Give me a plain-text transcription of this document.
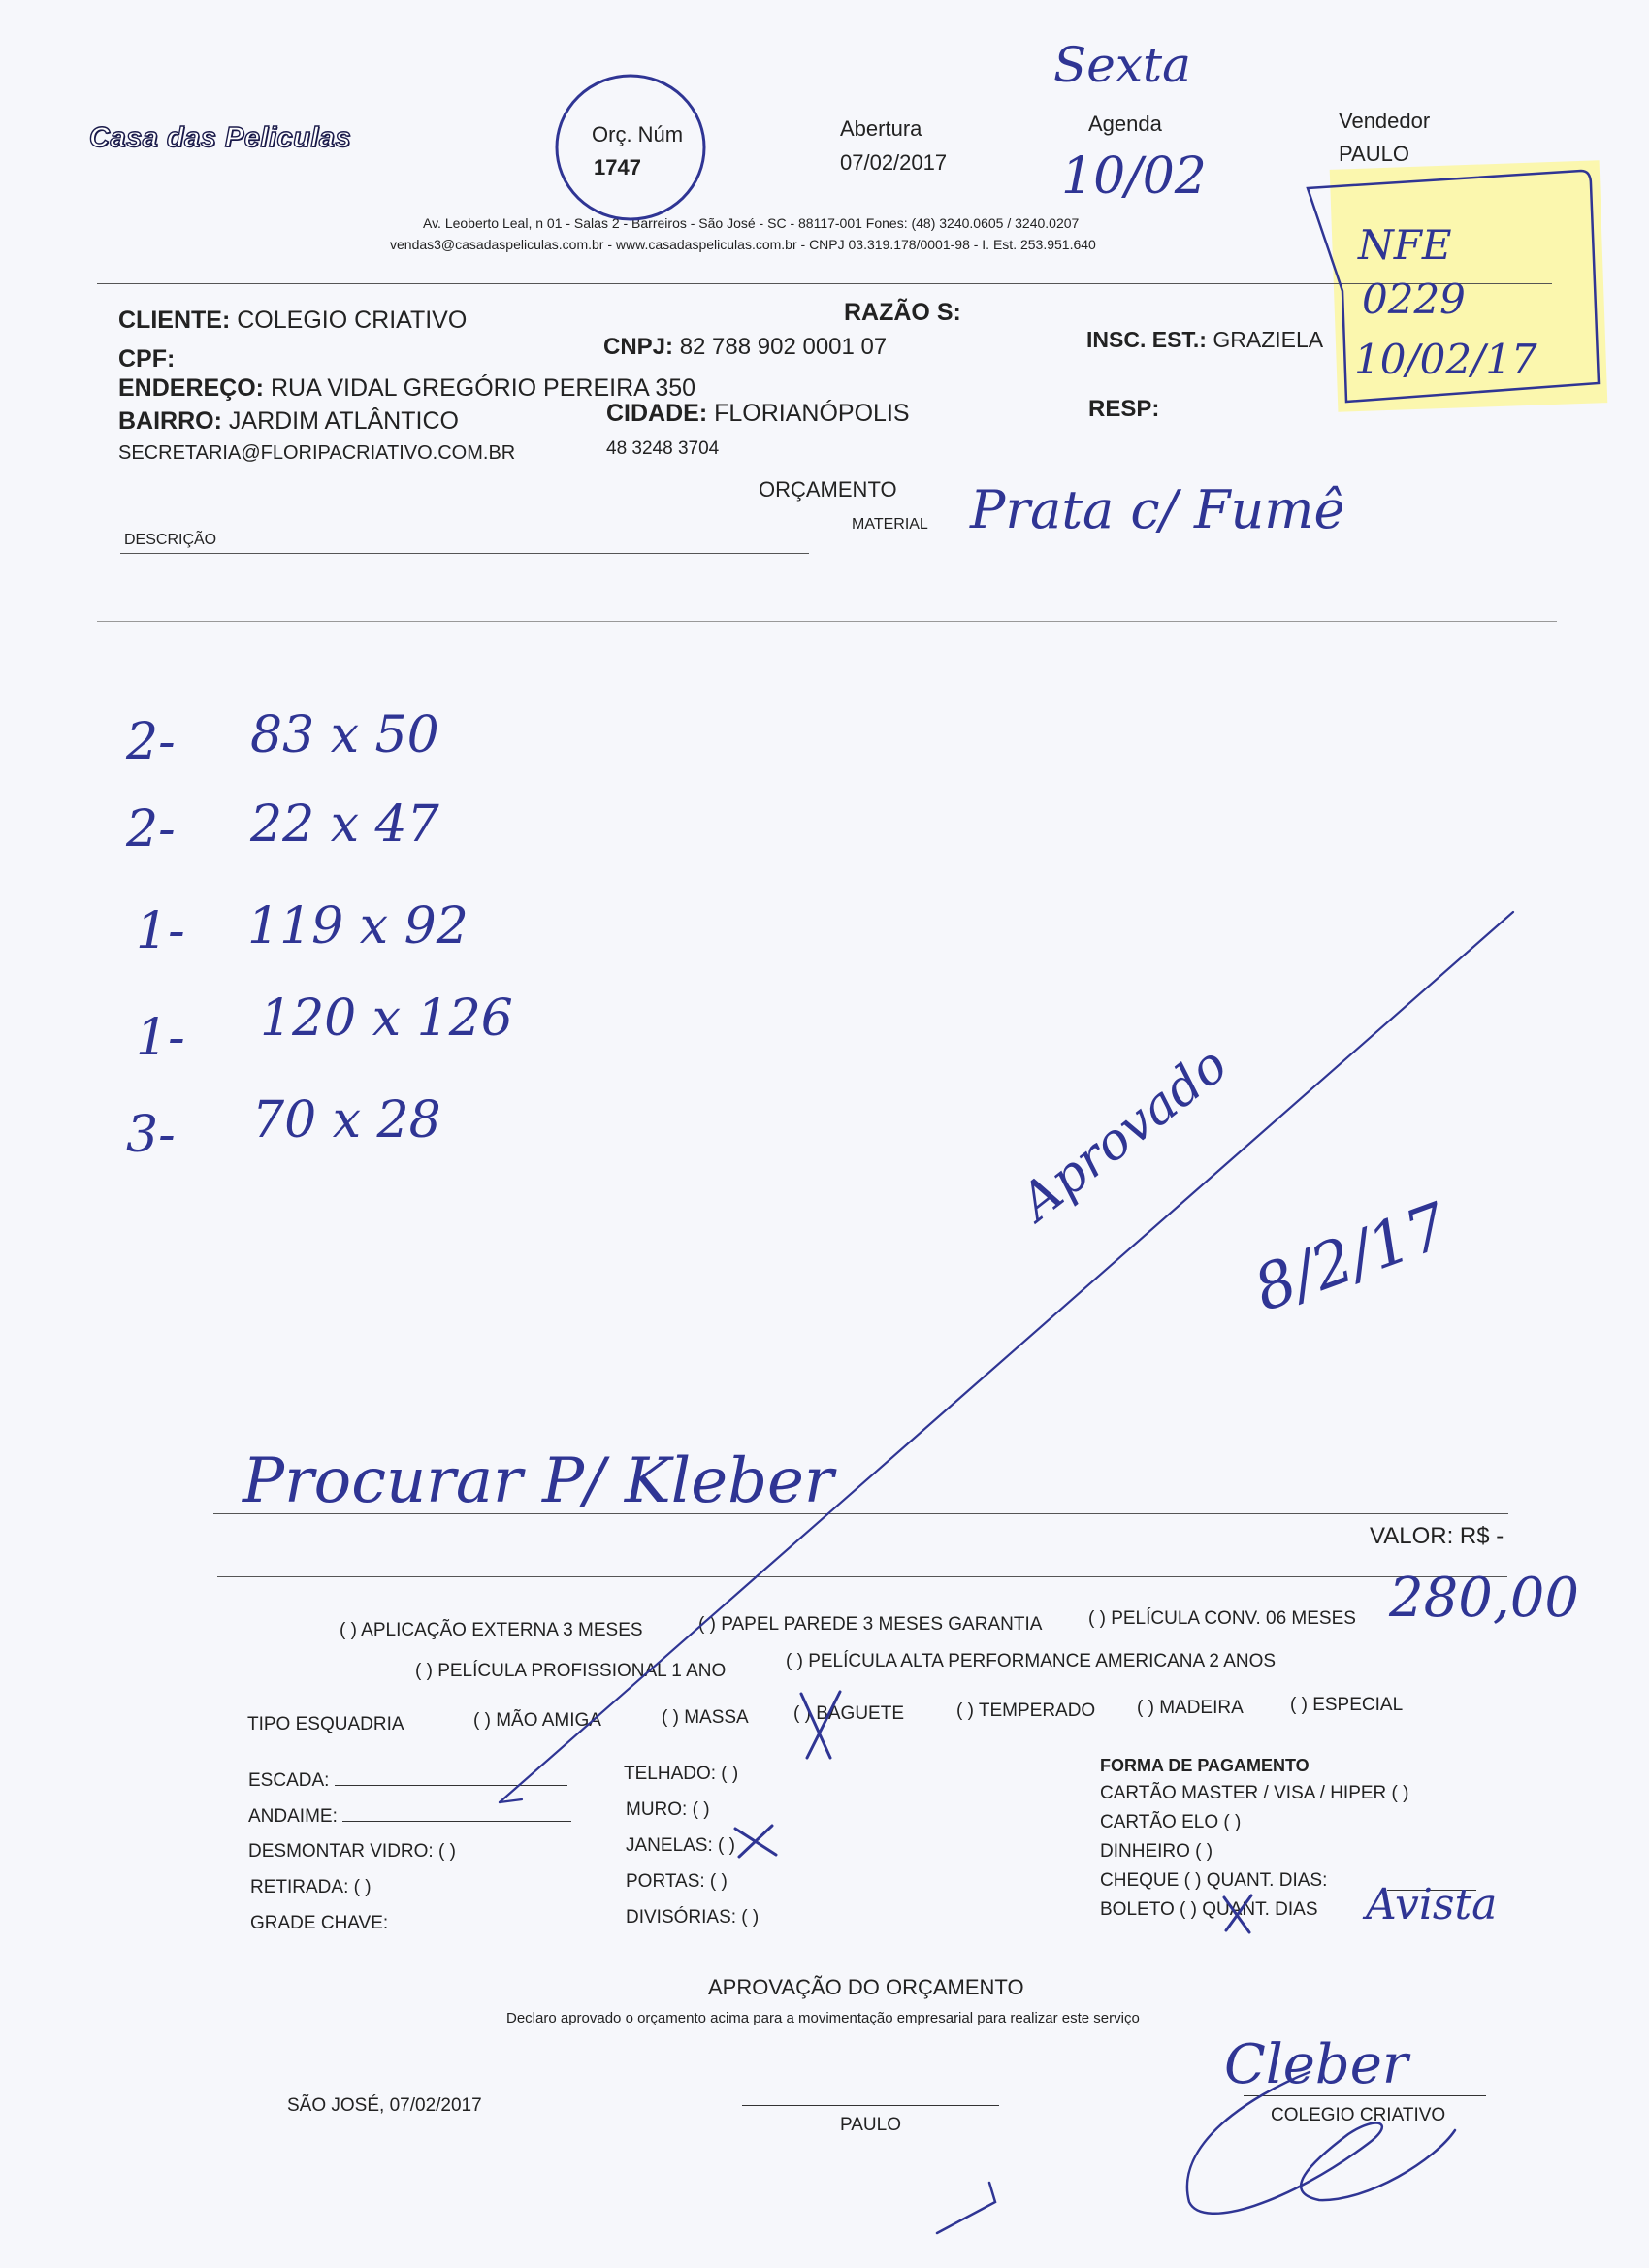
Casa das Peliculas	Orç. Núm
1747
Abertura
07/02/2017
Agenda	Vendedor
PAULO
Av. Leoberto Leal, n 01 - Salas 2 - Barreiros - São José - SC - 88117-001 Fones: (48) 3240.0605 / 3240.0207
vendas3@casadaspeliculas.com.br - www.casadaspeliculas.com.br - CNPJ 03.319.178/0001-98 - I. Est. 253.951.640
CLIENTE: COLEGIO CRIATIVO	RAZÃO S:
CPF:	CNPJ: 82 788 902 0001 07	INSC. EST.: GRAZIELA
ENDEREÇO: RUA VIDAL GREGÓRIO PEREIRA 350
BAIRRO: JARDIM ATLÂNTICO	CIDADE: FLORIANÓPOLIS	RESP:
SECRETARIA@FLORIPACRIATIVO.COM.BR	48 3248 3704
ORÇAMENTO
MATERIAL
DESCRIÇÃO
2- 83 x 50
2- 22 x 47
1- 119 x 92
1- 120 x 126
3- 70 x 28
VALOR: R$ -
( ) APLICAÇÃO EXTERNA 3 MESES	( ) PAPEL PAREDE 3 MESES GARANTIA	( ) PELÍCULA CONV. 06 MESES
( ) PELÍCULA PROFISSIONAL 1 ANO	( ) PELÍCULA ALTA PERFORMANCE AMERICANA 2 ANOS
TIPO ESQUADRIA	( ) MÃO AMIGA	( ) MASSA ( ) BAGUETE	( ) TEMPERADO ( ) MADEIRA	( ) ESPECIAL
ESCADA:
ANDAIME:
DESMONTAR VIDRO: ( )
RETIRADA: ( )
GRADE CHAVE:
TELHADO: ( )
MURO: ( )
JANELAS: ( )
PORTAS: ( )
DIVISÓRIAS: ( )
FORMA DE PAGAMENTO
CARTÃO MASTER / VISA / HIPER ( )
CARTÃO ELO ( )
DINHEIRO ( )
CHEQUE ( ) QUANT. DIAS:
BOLETO ( ) QUANT. DIAS
APROVAÇÃO DO ORÇAMENTO
Declaro aprovado o orçamento acima para a movimentação empresarial para realizar este serviço
SÃO JOSÉ, 07/02/2017
PAULO	COLEGIO CRIATIVO
Sexta
10/02
NFE
0229
10/02/17
Prata c/ Fumê
Aprovado
8/2/17
Procurar P/ Kleber
280,00
Avista
Cleber
